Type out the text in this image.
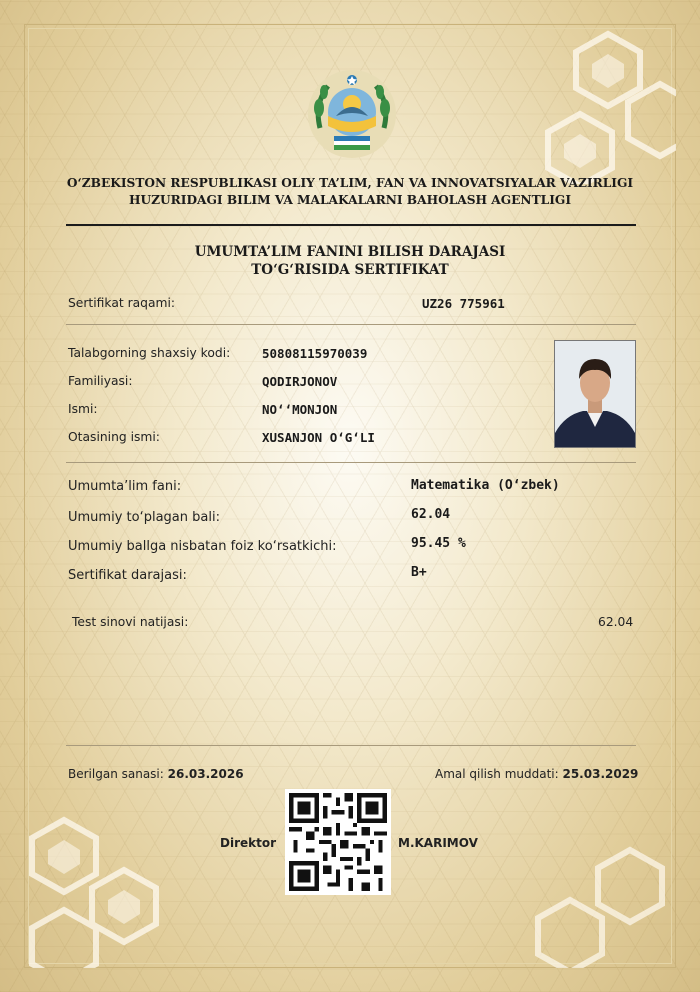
O‘ZBEKISTON RESPUBLIKASI OLIY TA’LIM, FAN VA INNOVATSIYALAR VAZIRLIGI
HUZURIDAGI BILIM VA MALAKALARNI BAHOLASH AGENTLIGI
UMUMTA’LIM FANINI BILISH DARAJASI
TO‘G‘RISIDA SERTIFIKAT
Sertifikat raqami:	UZ26 775961
Talabgorning shaxsiy kodi:	50808115970039
Familiyasi:	QODIRJONOV
Ismi:	NO‘‘MONJON
Otasining ismi:	XUSANJON O‘G‘LI
Umumta’lim fani:	Matematika (O‘zbek)
Umumiy to‘plagan bali:	62.04
Umumiy ballga nisbatan foiz ko‘rsatkichi:	95.45 %
Sertifikat darajasi:	B+
Test sinovi natijasi:	62.04
Berilgan sanasi: 26.03.2026	Amal qilish muddati: 25.03.2029
Direktor	M.KARIMOV
